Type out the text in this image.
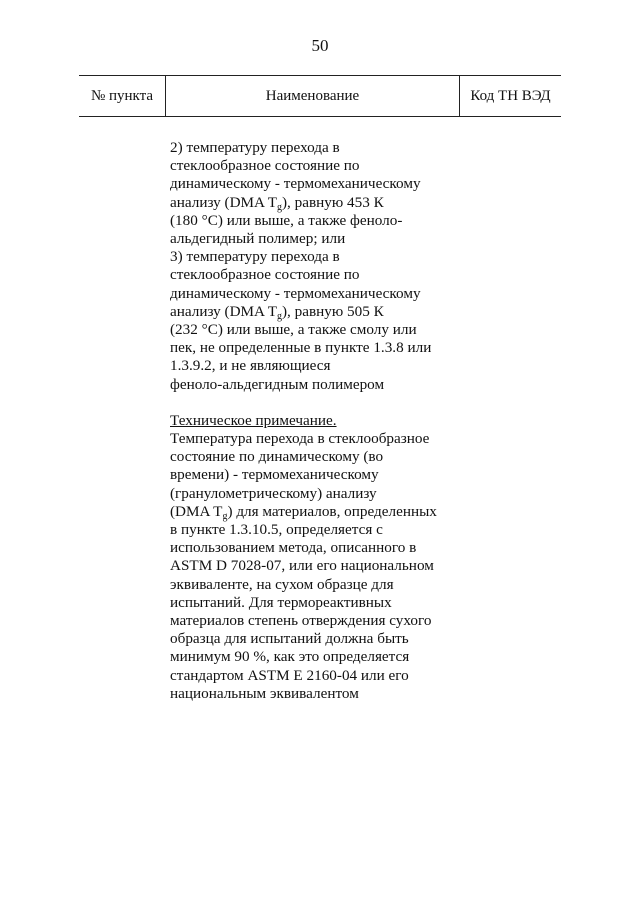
50
№ пункта	Наименование	Код ТН ВЭД
2) температуру перехода в
стеклообразное состояние по
динамическому - термомеханическому
анализу (DMA $T_g$), равную 453 К
(180 °С) или выше, а также феноло-
альдегидный полимер; или
3) температуру перехода в
стеклообразное состояние по
динамическому - термомеханическому
анализу (DMA $T_g$), равную 505 К
(232 °С) или выше, а также смолу или
пек, не определенные в пункте 1.3.8 или
1.3.9.2, и не являющиеся
феноло-альдегидным полимером
Техническое примечание.
Температура перехода в стеклообразное
состояние по динамическому (во
времени) - термомеханическому
(гранулометрическому) анализу
(DMA $T_g$) для материалов, определенных
в пункте 1.3.10.5, определяется с
использованием метода, описанного в
ASTM D 7028-07, или его национальном
эквиваленте, на сухом образце для
испытаний. Для термореактивных
материалов степень отверждения сухого
образца для испытаний должна быть
минимум 90 %, как это определяется
стандартом ASTM E 2160-04 или его
национальным эквивалентом
